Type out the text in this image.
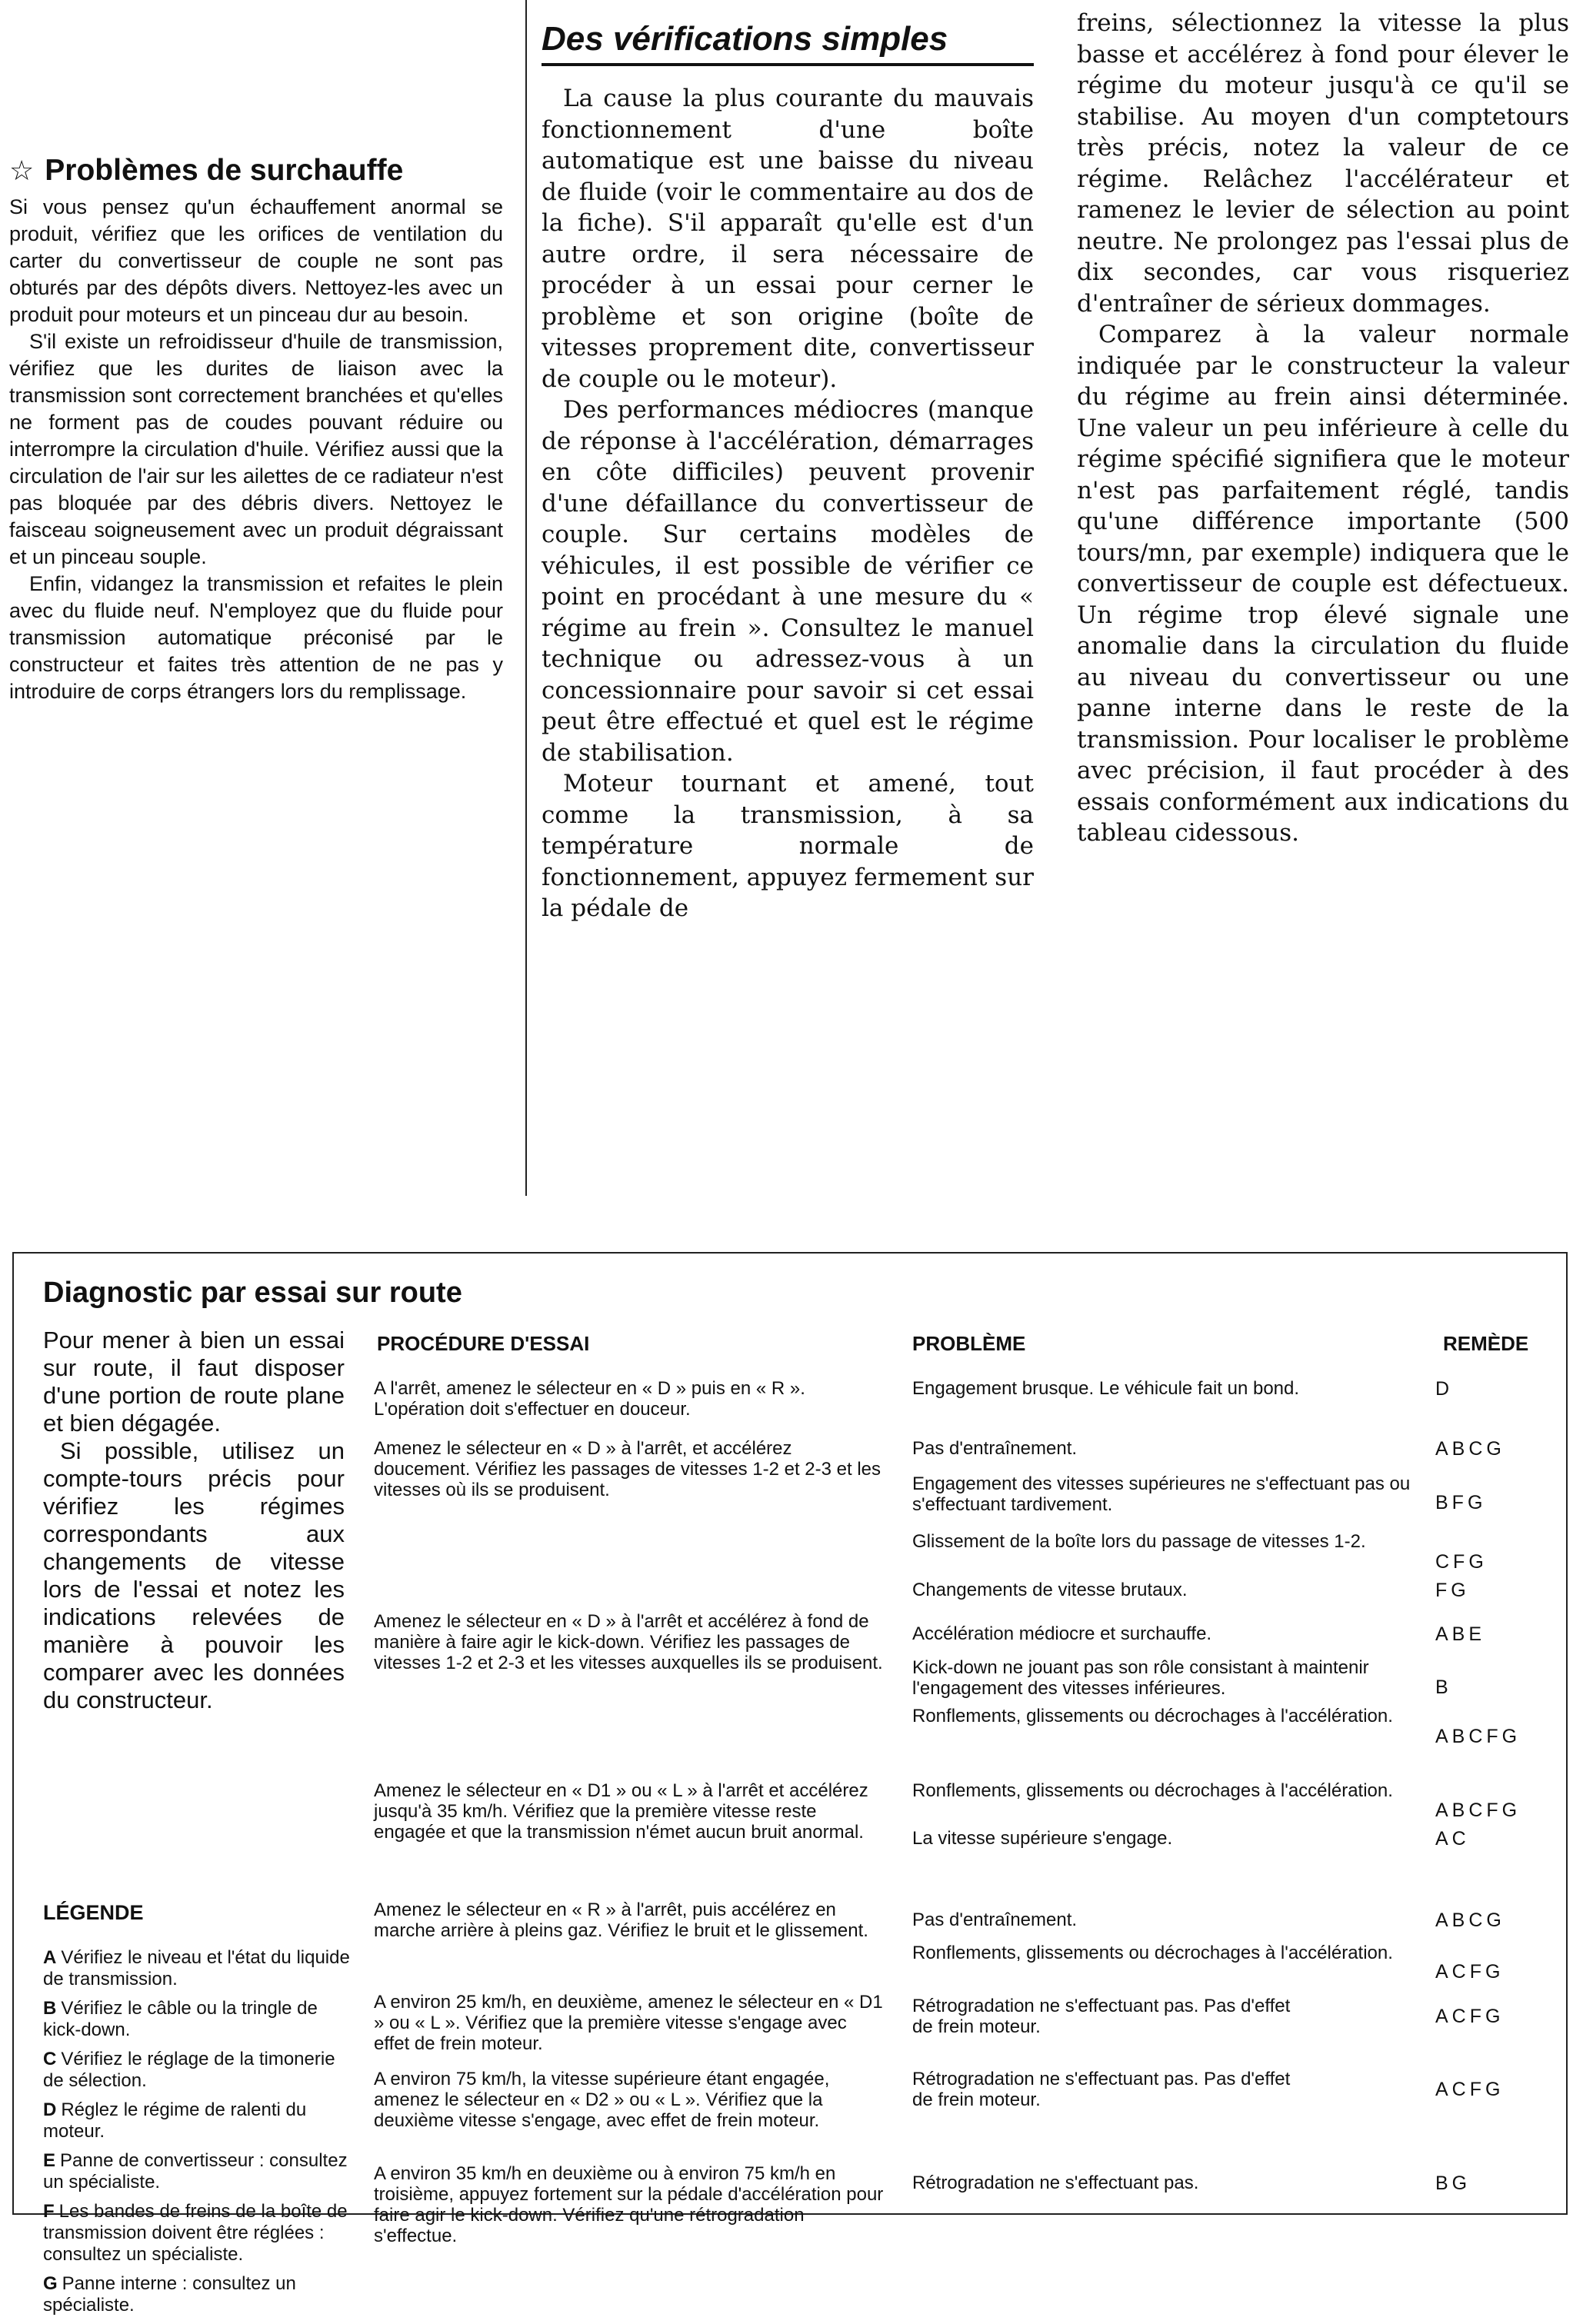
☆ Problèmes de surchauffe

Si vous pensez qu'un échauffement anormal se produit, vérifiez que les orifices de ventilation du carter du convertisseur de couple ne sont pas obturés par des dépôts divers. Nettoyez-les avec un produit pour moteurs et un pinceau dur au besoin.

S'il existe un refroidisseur d'huile de transmission, vérifiez que les durites de liaison avec la transmission sont correctement branchées et qu'elles ne forment pas de coudes pouvant réduire ou interrompre la circulation d'huile. Vérifiez aussi que la circulation de l'air sur les ailettes de ce radiateur n'est pas bloquée par des débris divers. Nettoyez le faisceau soigneusement avec un produit dégraissant et un pinceau souple.

Enfin, vidangez la transmission et refaites le plein avec du fluide neuf. N'employez que du fluide pour transmission automatique préconisé par le constructeur et faites très attention de ne pas y introduire de corps étrangers lors du remplissage.

Des vérifications simples

La cause la plus courante du mauvais fonctionnement d'une boîte automatique est une baisse du niveau de fluide (voir le commentaire au dos de la fiche). S'il apparaît qu'elle est d'un autre ordre, il sera nécessaire de procéder à un essai pour cerner le problème et son origine (boîte de vitesses proprement dite, convertisseur de couple ou le moteur).

Des performances médiocres (manque de réponse à l'accélération, démarrages en côte difficiles) peuvent provenir d'une défaillance du convertisseur de couple. Sur certains modèles de véhicules, il est possible de vérifier ce point en procédant à une mesure du « régime au frein ». Consultez le manuel technique ou adressez-vous à un concessionnaire pour savoir si cet essai peut être effectué et quel est le régime de stabilisation.

Moteur tournant et amené, tout comme la transmission, à sa température normale de fonctionnement, appuyez fermement sur la pédale de

freins, sélectionnez la vitesse la plus basse et accélérez à fond pour élever le régime du moteur jusqu'à ce qu'il se stabilise. Au moyen d'un comptetours très précis, notez la valeur de ce régime. Relâchez l'accélérateur et ramenez le levier de sélection au point neutre. Ne prolongez pas l'essai plus de dix secondes, car vous risqueriez d'entraîner de sérieux dommages.

Comparez à la valeur normale indiquée par le constructeur la valeur du régime au frein ainsi déterminée. Une valeur un peu inférieure à celle du régime spécifié signifiera que le moteur n'est pas parfaitement réglé, tandis qu'une différence importante (500 tours/mn, par exemple) indiquera que le convertisseur de couple est défectueux. Un régime trop élevé signale une anomalie dans la circulation du fluide au niveau du convertisseur ou une panne interne dans le reste de la transmission. Pour localiser le problème avec précision, il faut procéder à des essais conformément aux indications du tableau cidessous.

Diagnostic par essai sur route

Pour mener à bien un essai sur route, il faut disposer d'une portion de route plane et bien dégagée.

Si possible, utilisez un compte-tours précis pour vérifiez les régimes correspondants aux changements de vitesse lors de l'essai et notez les indications relevées de manière à pouvoir les comparer avec les données du constructeur.

PROCÉDURE D'ESSAI	PROBLÈME	REMÈDE

A l'arrêt, amenez le sélecteur en « D » puis en « R ». L'opération doit s'effectuer en douceur.

Amenez le sélecteur en « D » à l'arrêt, et accélérez doucement. Vérifiez les passages de vitesses 1-2 et 2-3 et les vitesses où ils se produisent.

Amenez le sélecteur en « D » à l'arrêt et accélérez à fond de manière à faire agir le kick-down. Vérifiez les passages de vitesses 1-2 et 2-3 et les vitesses auxquelles ils se produisent.

Amenez le sélecteur en « D1 » ou « L » à l'arrêt et accélérez jusqu'à 35 km/h. Vérifiez que la première vitesse reste engagée et que la transmission n'émet aucun bruit anormal.

Amenez le sélecteur en « R » à l'arrêt, puis accélérez en marche arrière à pleins gaz. Vérifiez le bruit et le glissement.

A environ 25 km/h, en deuxième, amenez le sélecteur en « D1 » ou « L ». Vérifiez que la première vitesse s'engage avec effet de frein moteur.

A environ 75 km/h, la vitesse supérieure étant engagée, amenez le sélecteur en « D2 » ou « L ». Vérifiez que la deuxième vitesse s'engage, avec effet de frein moteur.

A environ 35 km/h en deuxième ou à environ 75 km/h en troisième, appuyez fortement sur la pédale d'accélération pour faire agir le kick-down. Vérifiez qu'une rétrogradation s'effectue.

Engagement brusque. Le véhicule fait un bond.

Pas d'entraînement.

Engagement des vitesses supérieures ne s'effectuant pas ou s'effectuant tardivement.

Glissement de la boîte lors du passage de vitesses 1-2.

Changements de vitesse brutaux.

Accélération médiocre et surchauffe.

Kick-down ne jouant pas son rôle consistant à maintenir l'engagement des vitesses inférieures.

Ronflements, glissements ou décrochages à l'accélération.

Ronflements, glissements ou décrochages à l'accélération.

La vitesse supérieure s'engage.

Pas d'entraînement.

Ronflements, glissements ou décrochages à l'accélération.

Rétrogradation ne s'effectuant pas. Pas d'effet de frein moteur.

Rétrogradation ne s'effectuant pas. Pas d'effet de frein moteur.

Rétrogradation ne s'effectuant pas.

D

ABCG

BFG

CFG

FG

ABE

B

ABCFG

ABCFG

AC

ABCG

ACFG

ACFG

ACFG

BG

LÉGENDE
A Vérifiez le niveau et l'état du liquide de transmission.
B Vérifiez le câble ou la tringle de kick-down.
C Vérifiez le réglage de la timonerie de sélection.
D Réglez le régime de ralenti du moteur.
E Panne de convertisseur : consultez un spécialiste.
F Les bandes de freins de la boîte de transmission doivent être réglées : consultez un spécialiste.
G Panne interne : consultez un spécialiste.
